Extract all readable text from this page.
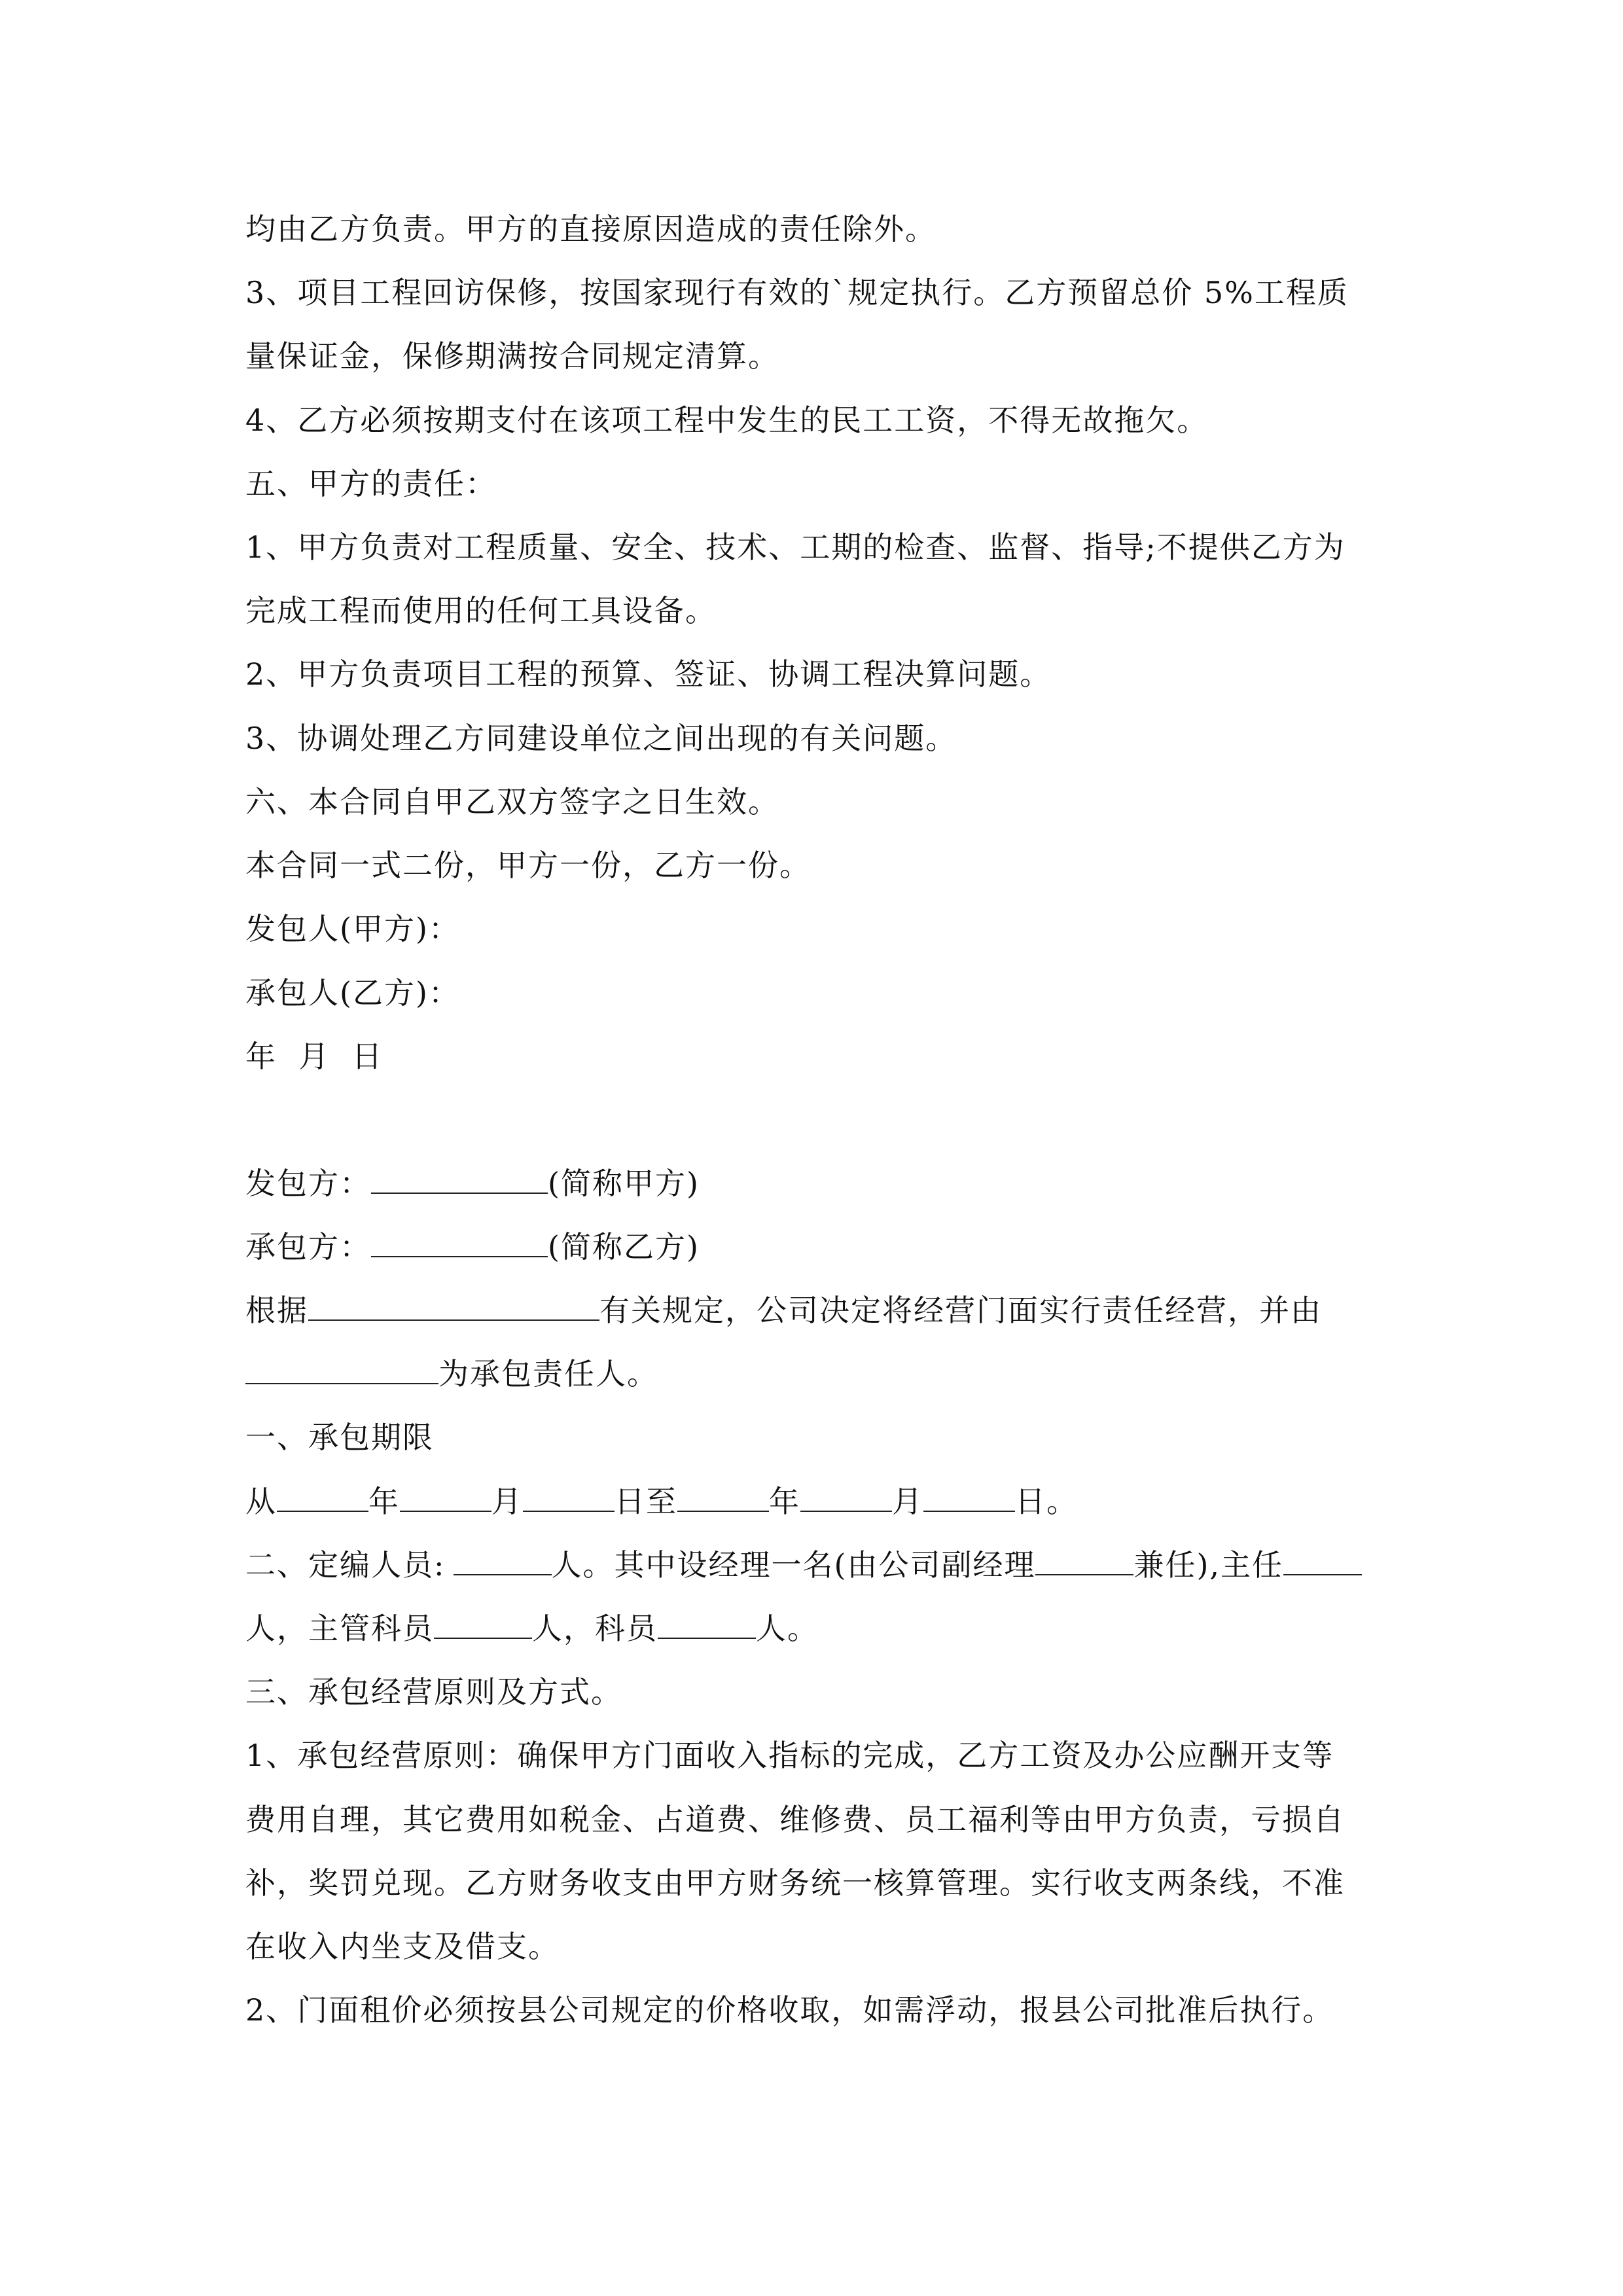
均由乙方负责。甲方的直接原因造成的责任除外。
3、项目工程回访保修，按国家现行有效的`规定执行。乙方预留总价 5%工程质
量保证金，保修期满按合同规定清算。
4、乙方必须按期支付在该项工程中发生的民工工资，不得无故拖欠。
五、甲方的责任：
1、甲方负责对工程质量、安全、技术、工期的检查、监督、指导;不提供乙方为
完成工程而使用的任何工具设备。
2、甲方负责项目工程的预算、签证、协调工程决算问题。
3、协调处理乙方同建设单位之间出现的有关问题。
六、本合同自甲乙双方签字之日生效。
本合同一式二份，甲方一份，乙方一份。
发包人(甲方)：
承包人(乙方)：
年  月  日
发包方：	(简称甲方)
承包方：	(简称乙方)
根据	有关规定，公司决定将经营门面实行责任经营，并由
为承包责任人。
一、承包期限
从	年	月	日至	年	月	日。
二、定编人员:	人。其中设经理一名(由公司副经理	兼任),主任
人，主管科员	人，科员	人。
三、承包经营原则及方式。
1、承包经营原则：确保甲方门面收入指标的完成，乙方工资及办公应酬开支等
费用自理，其它费用如税金、占道费、维修费、员工福利等由甲方负责，亏损自
补，奖罚兑现。乙方财务收支由甲方财务统一核算管理。实行收支两条线，不准
在收入内坐支及借支。
2、门面租价必须按县公司规定的价格收取，如需浮动，报县公司批准后执行。
